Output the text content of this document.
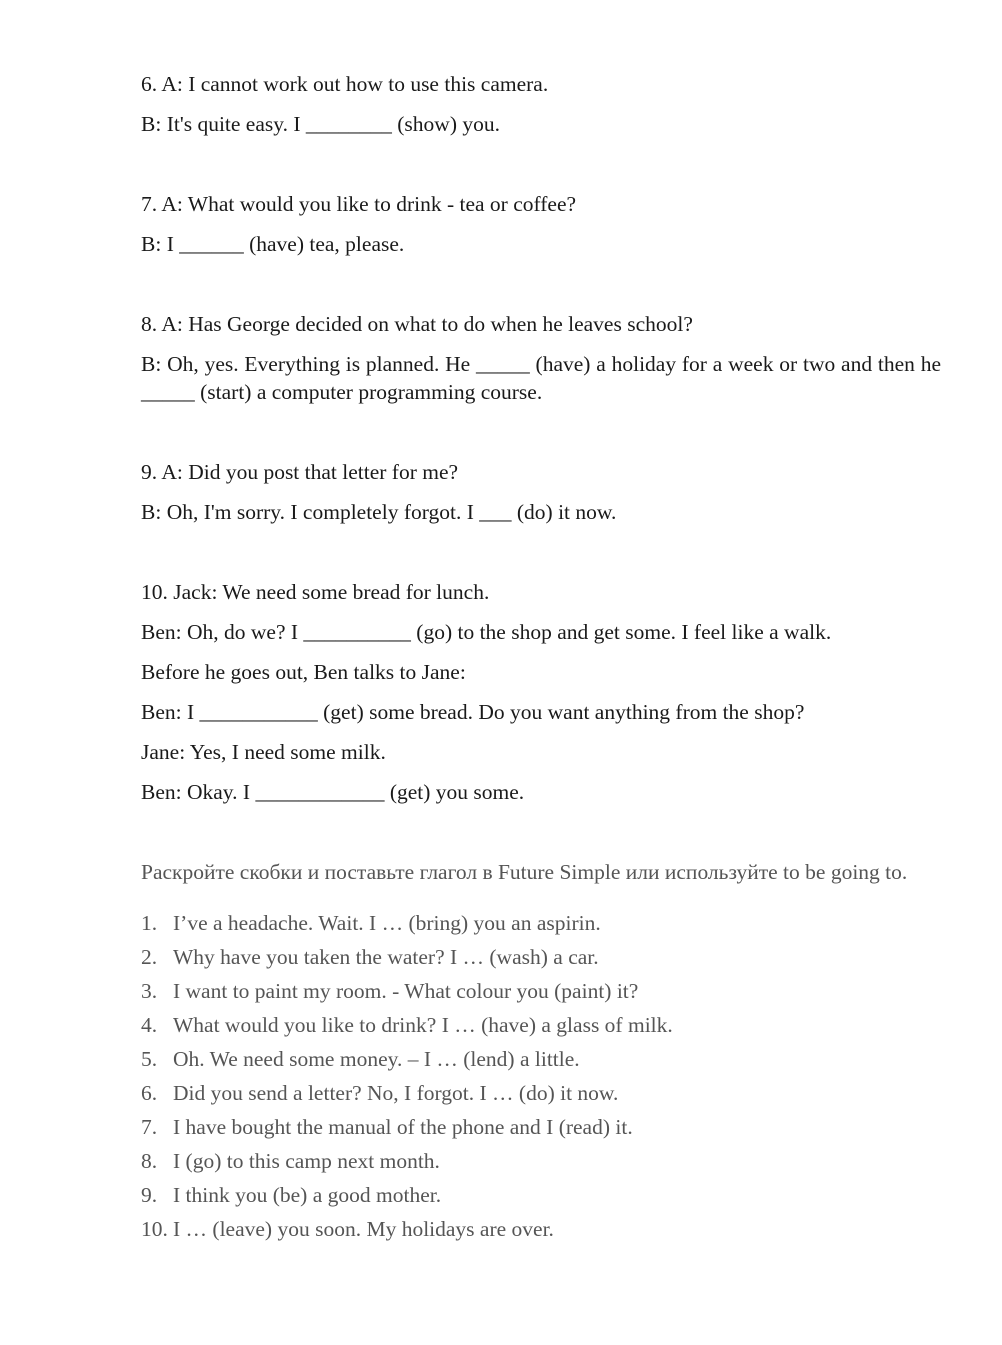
6. A: I cannot work out how to use this camera.

B: It's quite easy. I ________ (show) you.

7. A: What would you like to drink - tea or coffee?

B: I ______ (have) tea, please.

8. A: Has George decided on what to do when he leaves school?

B: Oh, yes. Everything is planned. He _____ (have) a holiday for a week or two and then he _____ (start) a computer programming course.

9. A: Did you post that letter for me?

B: Oh, I'm sorry. I completely forgot. I ___ (do) it now.

10. Jack: We need some bread for lunch.

Ben: Oh, do we? I __________ (go) to the shop and get some. I feel like a walk.

Before he goes out, Ben talks to Jane:

Ben: I ___________ (get) some bread. Do you want anything from the shop?

Jane: Yes, I need some milk.

Ben: Okay. I ____________ (get) you some.

Раскройте скобки и поставьте глагол в Future Simple или используйте to be going to.

1. I’ve a headache. Wait. I … (bring) you an aspirin.
2. Why have you taken the water? I … (wash) a car.
3. I want to paint my room. - What colour you (paint) it?
4. What would you like to drink? I … (have) a glass of milk.
5. Oh. We need some money. – I … (lend) a little.
6. Did you send a letter? No, I forgot. I … (do) it now.
7. I have bought the manual of the phone and I (read) it.
8. I (go) to this camp next month.
9. I think you (be) a good mother.
10. I … (leave) you soon. My holidays are over.
